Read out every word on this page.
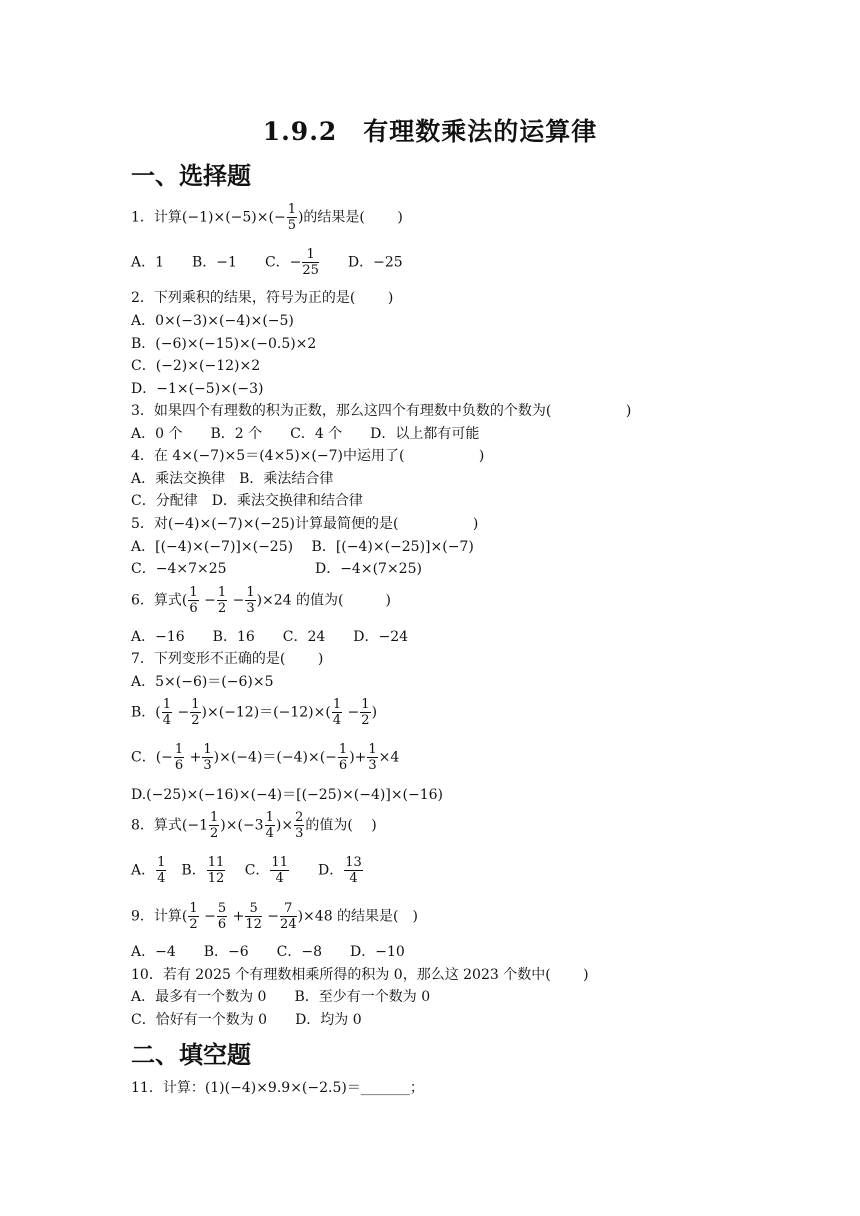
1.9.2　有理数乘法的运算律
一、选择题
1．计算$(-1)\times(-5)\times(- \frac{1}{5}$ )的结果是(　　 )
A．1　　B．−1　　C．− $\frac{1}{25}$ 　　D．−25
2．下列乘积的结果，符号为正的是(　　 )
A．0×(−3)×(−4)×(−5)
B．(−6)×(−15)×(−0.5)×2
C．(−2)×(−12)×2
D．−1×(−5)×(−3)
3．如果四个有理数的积为正数，那么这四个有理数中负数的个数为(　　　　　 )
A．0 个　　B．2 个　　C．4 个　　D．以上都有可能
4．在 4×(−7)×5＝(4×5)×(−7)中运用了(　　　　　 )
A．乘法交换律　B．乘法结合律
C．分配律　D．乘法交换律和结合律
5．对(−4)×(−7)×(−25)计算最简便的是(　　　　　 )
A．[(−4)×(−7)]×(−25)　 B．[(−4)×(−25)]×(−7)
C．−4×7×25　　　　　　 D．−4×(7×25)
6．算式( $\frac{1}{6} - \frac{1}{2} - \frac{1}{3} )\times 24$ 的值为(　　　)
A．−16　　B．16　　C．24　　D．−24
7．下列变形不正确的是(　　 )
A．5×(−6)＝(−6)×5
B．( $\frac{1}{4} - \frac{1}{2} )\times(-12)=(-12)\times( \frac{1}{4} - \frac{1}{2}$ )
C．(− $\frac{1}{6} + \frac{1}{3} )\times(-4)=(-4)\times(- \frac{1}{6}$ )+ $\frac{1}{3} \times 4$
D.(−25)×(−16)×(−4)＝[(−25)×(−4)]×(−16)
8．算式$(-1 \frac{1}{2} )\times(-3 \frac{1}{4}$ )× $\frac{2}{3}$ 的值为(　 )
A． $\frac{1}{4}$ 　B． $\frac{11}{12}$ 　 C． $\frac{11}{4}$ 　　D． $\frac{13}{4}$
9．计算( $\frac{1}{2} - \frac{5}{6} + \frac{5}{12} - \frac{7}{24} )\times 48$ 的结果是(　)
A．−4　　B．−6　　C．−8　　D．−10
10．若有 2025 个有理数相乘所得的积为 0，那么这 2023 个数中(　　 )
A．最多有一个数为 0　　B．至少有一个数为 0
C．恰好有一个数为 0　　D．均为 0
二、填空题
11．计算：(1)(−4)×9.9×(−2.5)＝_______；
